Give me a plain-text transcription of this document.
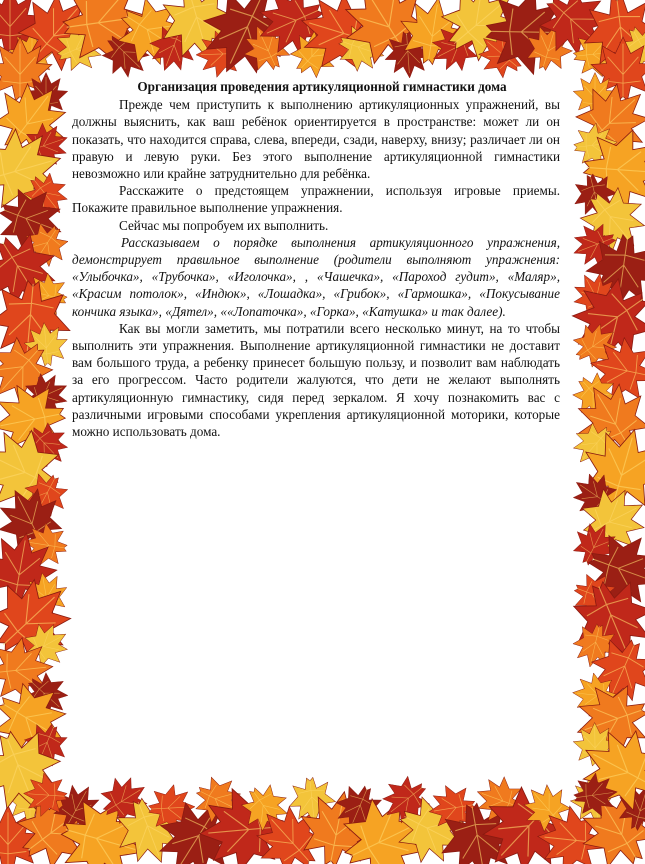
Организация проведения артикуляционной гимнастики дома

Прежде чем приступить к выполнению артикуляционных упражнений, вы должны выяснить, как ваш ребёнок ориентируется в пространстве: может ли он показать, что находится справа, слева, впереди, сзади, наверху, внизу; различает ли он правую и левую руки. Без этого выполнение артикуляционной гимнастики невозможно или крайне затруднительно для ребёнка.

Расскажите о предстоящем упражнении, используя игровые приемы. Покажите правильное выполнение упражнения.

Сейчас мы попробуем их выполнить.

Рассказываем о порядке выполнения артикуляционного упражнения, демонстрирует правильное выполнение (родители выполняют упражнения: «Улыбочка», «Трубочка», «Иголочка», , «Чашечка», «Пароход гудит», «Маляр», «Красим потолок», «Индюк», «Лошадка», «Грибок», «Гармошка», «Покусывание кончика языка», «Дятел», ««Лопаточка», «Горка», «Катушка» и так далее).

Как вы могли заметить, мы потратили всего несколько минут, на то чтобы выполнить эти упражнения. Выполнение артикуляционной гимнастики не доставит вам большого труда, а ребенку принесет большую пользу, и позволит вам наблюдать за его прогрессом. Часто родители жалуются, что дети не желают выполнять артикуляционную гимнастику, сидя перед зеркалом. Я хочу познакомить вас с различными игровыми способами укрепления артикуляционной моторики, которые можно использовать дома.
